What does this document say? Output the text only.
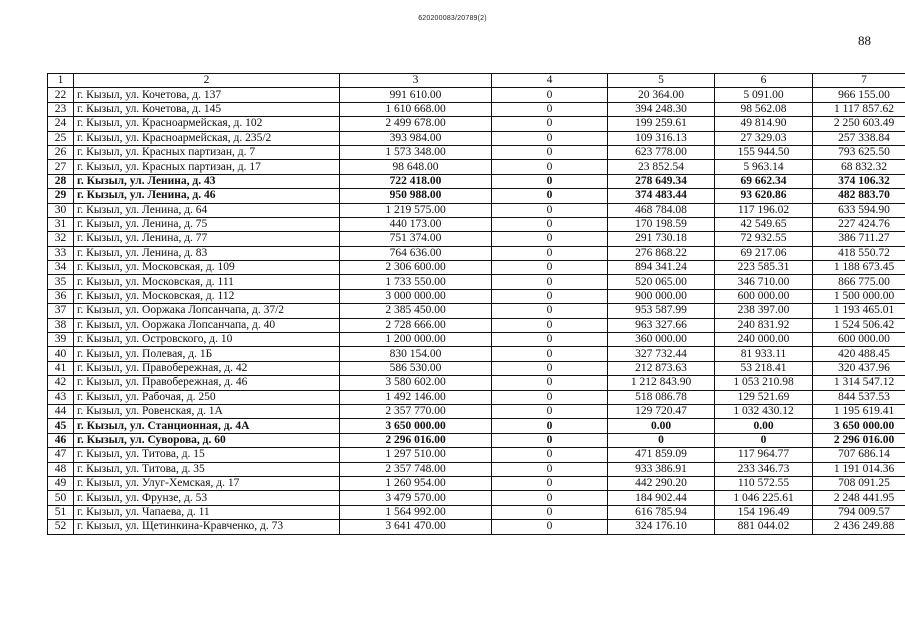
620200083/20789(2)
88
1	2	3	4	5	6	7
22	г. Кызыл, ул. Кочетова, д. 137	991 610.00	0	20 364.00	5 091.00	966 155.00
23	г. Кызыл, ул. Кочетова, д. 145	1 610 668.00	0	394 248.30	98 562.08	1 117 857.62
24	г. Кызыл, ул. Красноармейская, д. 102	2 499 678.00	0	199 259.61	49 814.90	2 250 603.49
25	г. Кызыл, ул. Красноармейская, д. 235/2	393 984.00	0	109 316.13	27 329.03	257 338.84
26	г. Кызыл, ул. Красных партизан, д. 7	1 573 348.00	0	623 778.00	155 944.50	793 625.50
27	г. Кызыл, ул. Красных партизан, д. 17	98 648.00	0	23 852.54	5 963.14	68 832.32
28	г. Кызыл, ул. Ленина, д. 43	722 418.00	0	278 649.34	69 662.34	374 106.32
29	г. Кызыл, ул. Ленина, д. 46	950 988.00	0	374 483.44	93 620.86	482 883.70
30	г. Кызыл, ул. Ленина, д. 64	1 219 575.00	0	468 784.08	117 196.02	633 594.90
31	г. Кызыл, ул. Ленина, д. 75	440 173.00	0	170 198.59	42 549.65	227 424.76
32	г. Кызыл, ул. Ленина, д. 77	751 374.00	0	291 730.18	72 932.55	386 711.27
33	г. Кызыл, ул. Ленина, д. 83	764 636.00	0	276 868.22	69 217.06	418 550.72
34	г. Кызыл, ул. Московская, д. 109	2 306 600.00	0	894 341.24	223 585.31	1 188 673.45
35	г. Кызыл, ул. Московская, д. 111	1 733 550.00	0	520 065.00	346 710.00	866 775.00
36	г. Кызыл, ул. Московская, д. 112	3 000 000.00	0	900 000.00	600 000.00	1 500 000.00
37	г. Кызыл, ул. Ооржака Лопсанчапа, д. 37/2	2 385 450.00	0	953 587.99	238 397.00	1 193 465.01
38	г. Кызыл, ул. Ооржака Лопсанчапа, д. 40	2 728 666.00	0	963 327.66	240 831.92	1 524 506.42
39	г. Кызыл, ул. Островского, д. 10	1 200 000.00	0	360 000.00	240 000.00	600 000.00
40	г. Кызыл, ул. Полевая, д. 1Б	830 154.00	0	327 732.44	81 933.11	420 488.45
41	г. Кызыл, ул. Правобережная, д. 42	586 530.00	0	212 873.63	53 218.41	320 437.96
42	г. Кызыл, ул. Правобережная, д. 46	3 580 602.00	0	1 212 843.90	1 053 210.98	1 314 547.12
43	г. Кызыл, ул. Рабочая, д. 250	1 492 146.00	0	518 086.78	129 521.69	844 537.53
44	г. Кызыл, ул. Ровенская, д. 1А	2 357 770.00	0	129 720.47	1 032 430.12	1 195 619.41
45	г. Кызыл, ул. Станционная, д. 4А	3 650 000.00	0	0.00	0.00	3 650 000.00
46	г. Кызыл, ул. Суворова, д. 60	2 296 016.00	0	0	0	2 296 016.00
47	г. Кызыл, ул. Титова, д. 15	1 297 510.00	0	471 859.09	117 964.77	707 686.14
48	г. Кызыл, ул. Титова, д. 35	2 357 748.00	0	933 386.91	233 346.73	1 191 014.36
49	г. Кызыл, ул. Улуг-Хемская, д. 17	1 260 954.00	0	442 290.20	110 572.55	708 091.25
50	г. Кызыл, ул. Фрунзе, д. 53	3 479 570.00	0	184 902.44	1 046 225.61	2 248 441.95
51	г. Кызыл, ул. Чапаева, д. 11	1 564 992.00	0	616 785.94	154 196.49	794 009.57
52	г. Кызыл, ул. Щетинкина-Кравченко, д. 73	3 641 470.00	0	324 176.10	881 044.02	2 436 249.88
